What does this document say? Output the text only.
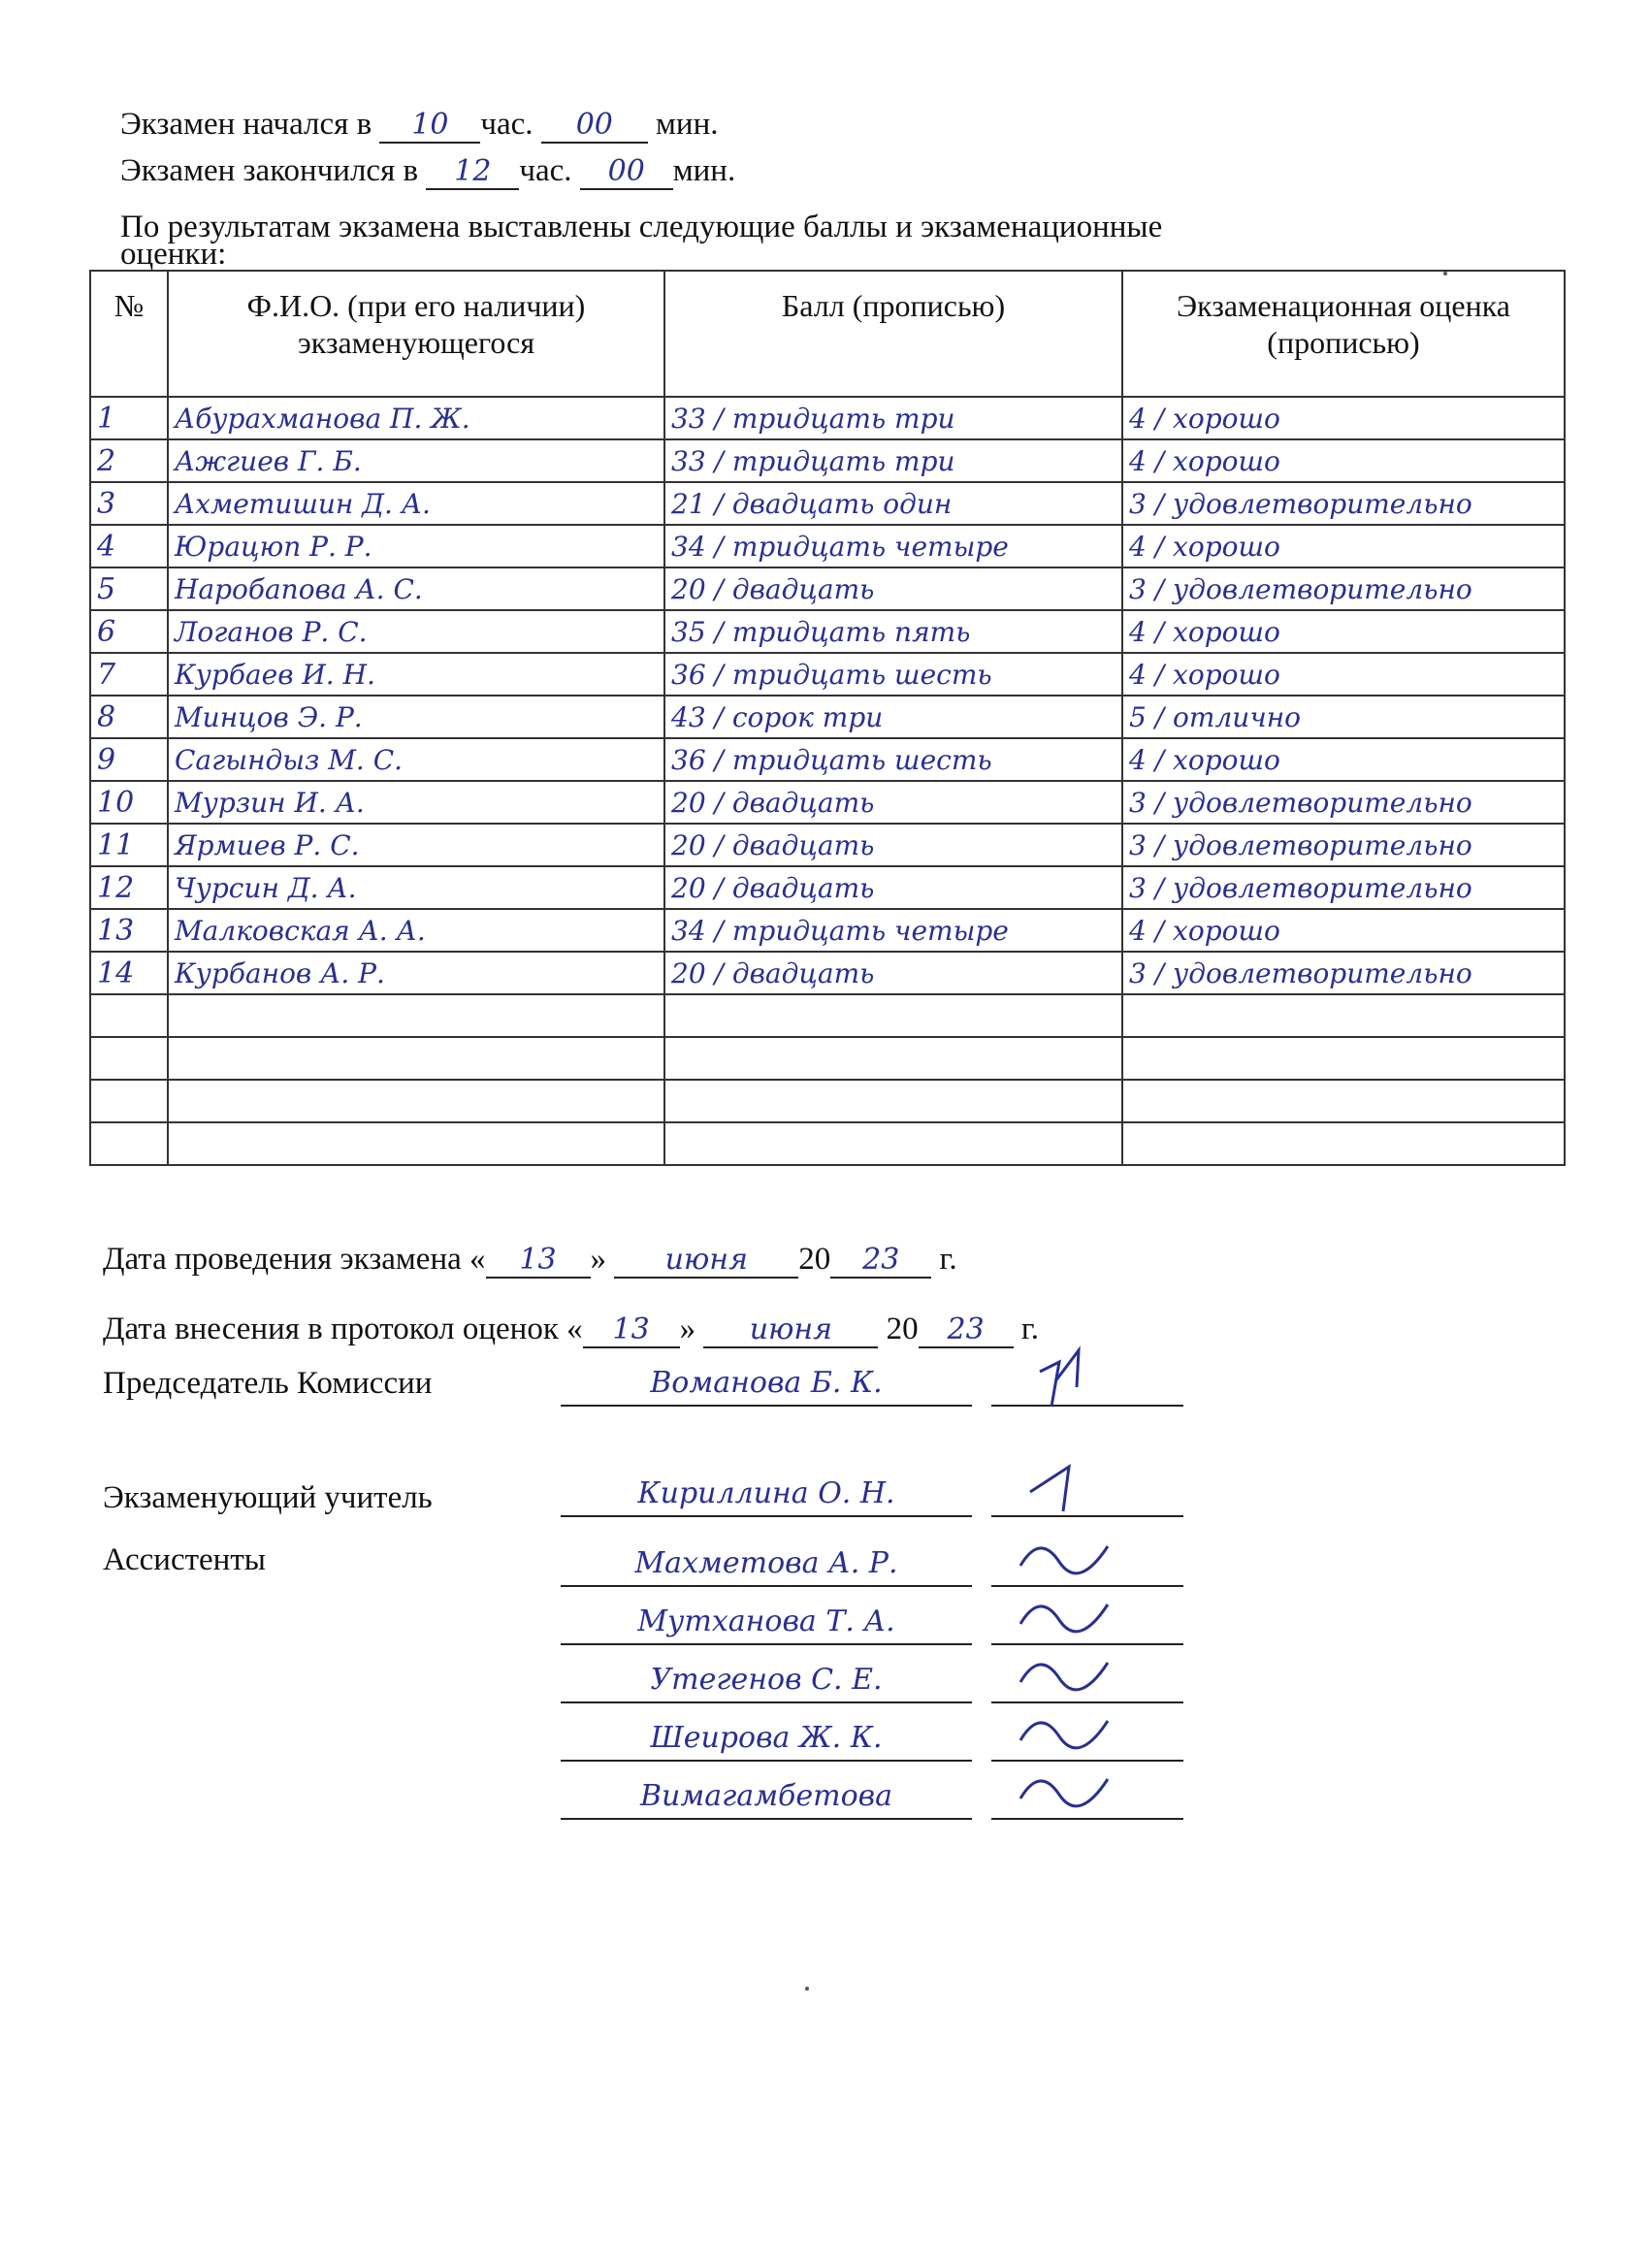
Экзамен начался в 10 час. 00 мин.
Экзамен закончился в 12 час. 00 мин.
По результатам экзамена выставлены следующие баллы и экзаменационные
оценки:
№	Ф.И.О. (при его наличии) экзаменующегося	Балл (прописью)	Экзаменационная оценка (прописью)
1	Абурахманова П. Ж.	33 / тридцать три	4 / хорошо
2	Ажгиев Г. Б.	33 / тридцать три	4 / хорошо
3	Ахметишин Д. А.	21 / двадцать один	3 / удовлетворительно
4	Юрацюп Р. Р.	34 / тридцать четыре	4 / хорошо
5	Наробапова А. С.	20 / двадцать	3 / удовлетворительно
6	Логанов Р. С.	35 / тридцать пять	4 / хорошо
7	Курбаев И. Н.	36 / тридцать шесть	4 / хорошо
8	Минцов Э. Р.	43 / сорок три	5 / отлично
9	Сагындыз М. С.	36 / тридцать шесть	4 / хорошо
10	Мурзин И. А.	20 / двадцать	3 / удовлетворительно
11	Ярмиев Р. С.	20 / двадцать	3 / удовлетворительно
12	Чурсин Д. А.	20 / двадцать	3 / удовлетворительно
13	Малковская А. А.	34 / тридцать четыре	4 / хорошо
14	Курбанов А. Р.	20 / двадцать	3 / удовлетворительно

Дата проведения экзамена « 13 » июня 20 23 г.
Дата внесения в протокол оценок « 13 » июня 20 23 г.
Председатель Комиссии	Воманова Б. К.
Экзаменующий учитель	Кириллина О. Н.
Ассистенты	Махметова А. Р.
Мутханова Т. А.
Утегенов С. Е.
Шеирова Ж. К.
Вимагамбетова
